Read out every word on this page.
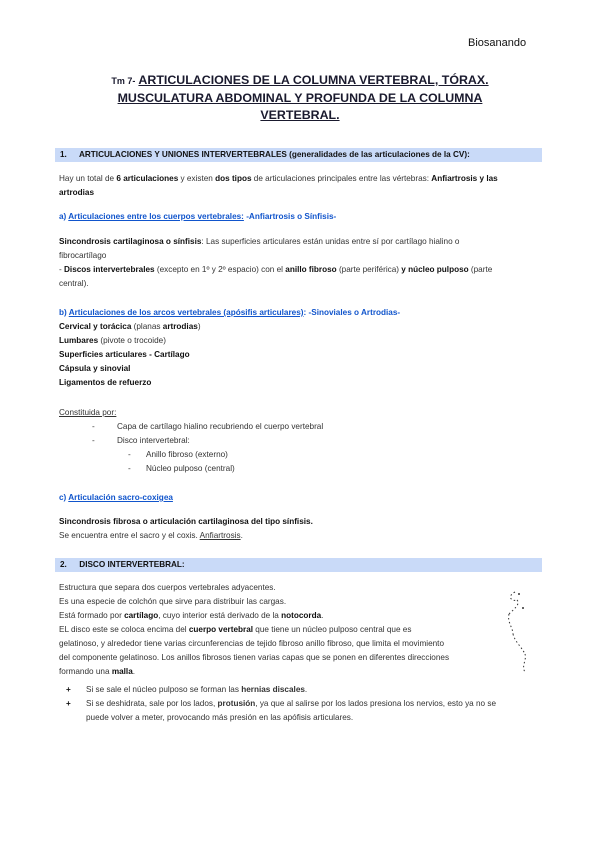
Biosanando
Tm 7- ARTICULACIONES DE LA COLUMNA VERTEBRAL, TÓRAX.
MUSCULATURA ABDOMINAL Y PROFUNDA DE LA COLUMNA
VERTEBRAL.
1. ARTICULACIONES Y UNIONES INTERVERTEBRALES (generalidades de las articulaciones de la CV):
Hay un total de 6 articulaciones y existen dos tipos de articulaciones principales entre las vértebras: Anfiartrosis y las
artrodias
a) Articulaciones entre los cuerpos vertebrales: -Anfiartrosis o Sínfisis-
Sincondrosis cartilaginosa o sínfisis: Las superficies articulares están unidas entre sí por cartílago hialino o
fibrocartílago
- Discos intervertebrales (excepto en 1º y 2º espacio) con el anillo fibroso (parte periférica) y núcleo pulposo (parte
central).
b) Articulaciones de los arcos vertebrales (apósifis articulares): -Sinoviales o Artrodias-
Cervical y torácica (planas artrodias)
Lumbares (pivote o trocoide)
Superficies articulares - Cartílago
Cápsula y sinovial
Ligamentos de refuerzo
Constituida por:
-	Capa de cartílago hialino recubriendo el cuerpo vertebral
-	Disco intervertebral:
- Anillo fibroso (externo)
- Núcleo pulposo (central)
c) Articulación sacro-coxigea
Sincondrosis fibrosa o articulación cartilaginosa del tipo sínfisis.
Se encuentra entre el sacro y el coxis. Anfiartrosis.
2. DISCO INTERVERTEBRAL:
Estructura que separa dos cuerpos vertebrales adyacentes.
Es una especie de colchón que sirve para distribuir las cargas.
Está formado por cartílago, cuyo interior está derivado de la notocorda.
EL disco este se coloca encima del cuerpo vertebral que tiene un núcleo pulposo central que es
gelatinoso, y alrededor tiene varias circunferencias de tejido fibroso anillo fibroso, que limita el movimiento
del componente gelatinoso. Los anillos fibrosos tienen varias capas que se ponen en diferentes direcciones
formando una malla.
+ Si se sale el núcleo pulposo se forman las hernias discales.
+ Si se deshidrata, sale por los lados, protusión, ya que al salirse por los lados presiona los nervios, esto ya no se
puede volver a meter, provocando más presión en las apófisis articulares.
